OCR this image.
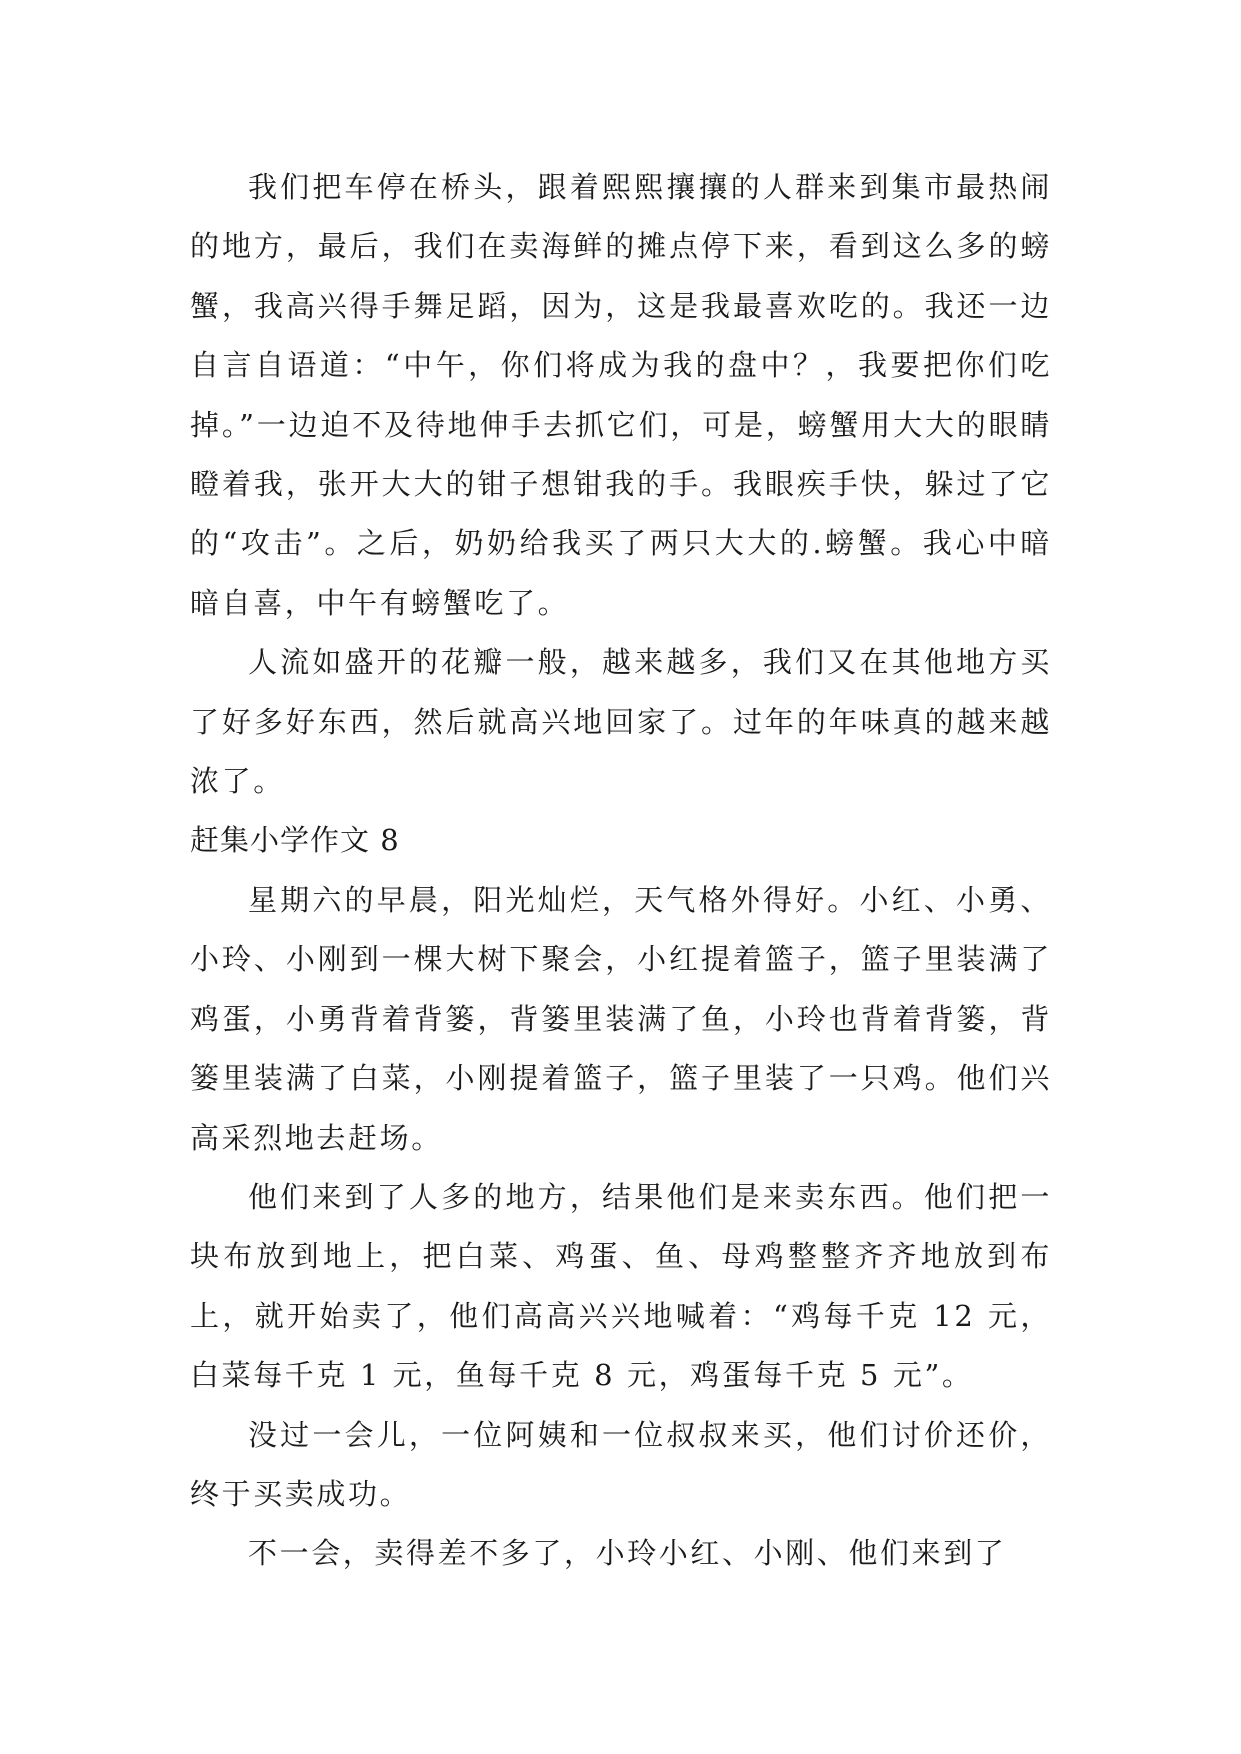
我们把车停在桥头，跟着熙熙攘攘的人群来到集市最热闹的地方，最后，我们在卖海鲜的摊点停下来，看到这么多的螃蟹，我高兴得手舞足蹈，因为，这是我最喜欢吃的。我还一边自言自语道：“中午，你们将成为我的盘中？，我要把你们吃掉。”一边迫不及待地伸手去抓它们，可是，螃蟹用大大的眼睛瞪着我，张开大大的钳子想钳我的手。我眼疾手快，躲过了它的“攻击”。之后，奶奶给我买了两只大大的.螃蟹。我心中暗暗自喜，中午有螃蟹吃了。

人流如盛开的花瓣一般，越来越多，我们又在其他地方买了好多好东西，然后就高兴地回家了。过年的年味真的越来越浓了。

赶集小学作文 8

星期六的早晨，阳光灿烂，天气格外得好。小红、小勇、小玲、小刚到一棵大树下聚会，小红提着篮子，篮子里装满了鸡蛋，小勇背着背篓，背篓里装满了鱼，小玲也背着背篓，背篓里装满了白菜，小刚提着篮子，篮子里装了一只鸡。他们兴高采烈地去赶场。

他们来到了人多的地方，结果他们是来卖东西。他们把一块布放到地上，把白菜、鸡蛋、鱼、母鸡整整齐齐地放到布上，就开始卖了，他们高高兴兴地喊着：“鸡每千克 12 元，白菜每千克 1 元，鱼每千克 8 元，鸡蛋每千克 5 元”。

没过一会儿，一位阿姨和一位叔叔来买，他们讨价还价，终于买卖成功。

不一会，卖得差不多了，小玲小红、小刚、他们来到了
